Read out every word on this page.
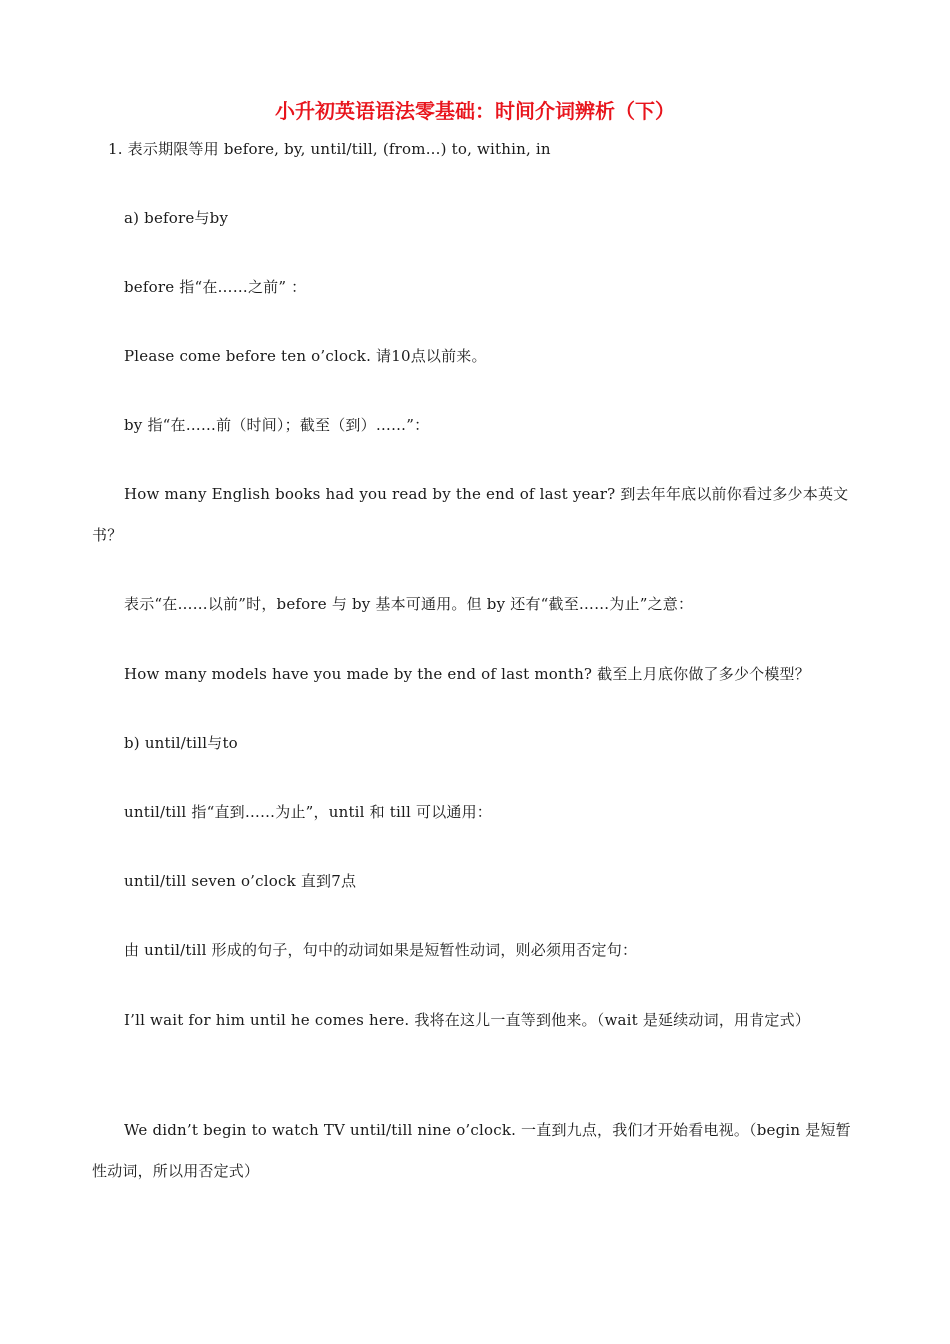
小升初英语语法零基础：时间介词辨析（下）
1. 表示期限等用 before, by, until/till, (from...) to, within, in
a) before与by
before 指“在……之前” ：
Please come before ten o’clock. 请10点以前来。
by 指“在……前（时间）；截至（到）……”：
How many English books had you read by the end of last year? 到去年年底以前你看过多少本英文书？
表示“在……以前”时，before 与 by 基本可通用。但 by 还有“截至……为止”之意：
How many models have you made by the end of last month? 截至上月底你做了多少个模型？
b) until/till与to
until/till 指“直到……为止”，until 和 till 可以通用：
until/till seven o’clock 直到7点
由 until/till 形成的句子，句中的动词如果是短暂性动词，则必须用否定句：
I’ll wait for him until he comes here. 我将在这儿一直等到他来。（wait 是延续动词，用肯定式）
We didn’t begin to watch TV until/till nine o’clock. 一直到九点，我们才开始看电视。（begin 是短暂性动词，所以用否定式）
